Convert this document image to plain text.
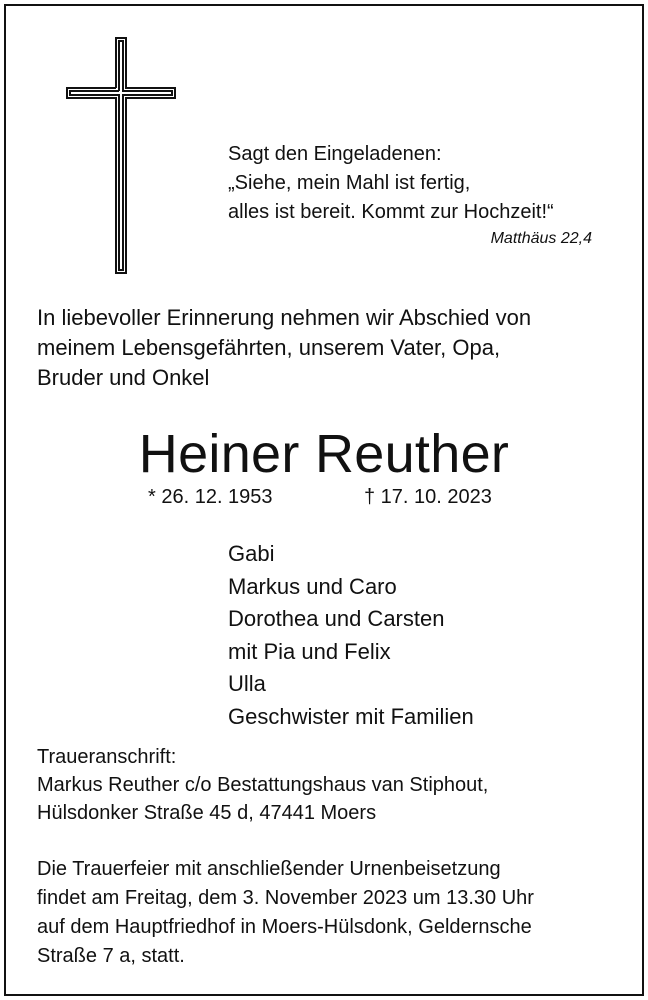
Sagt den Eingeladenen:
„Siehe, mein Mahl ist fertig,
alles ist bereit. Kommt zur Hochzeit!“
Matthäus 22,4
In liebevoller Erinnerung nehmen wir Abschied von
meinem Lebensgefährten, unserem Vater, Opa,
Bruder und Onkel
Heiner Reuther
* 26. 12. 1953	† 17. 10. 2023
Gabi
Markus und Caro
Dorothea und Carsten
mit Pia und Felix
Ulla
Geschwister mit Familien
Traueranschrift:
Markus Reuther c/o Bestattungshaus van Stiphout,
Hülsdonker Straße 45 d, 47441 Moers
Die Trauerfeier mit anschließender Urnenbeisetzung
findet am Freitag, dem 3. November 2023 um 13.30 Uhr
auf dem Hauptfriedhof in Moers-Hülsdonk, Geldernsche
Straße 7 a, statt.
